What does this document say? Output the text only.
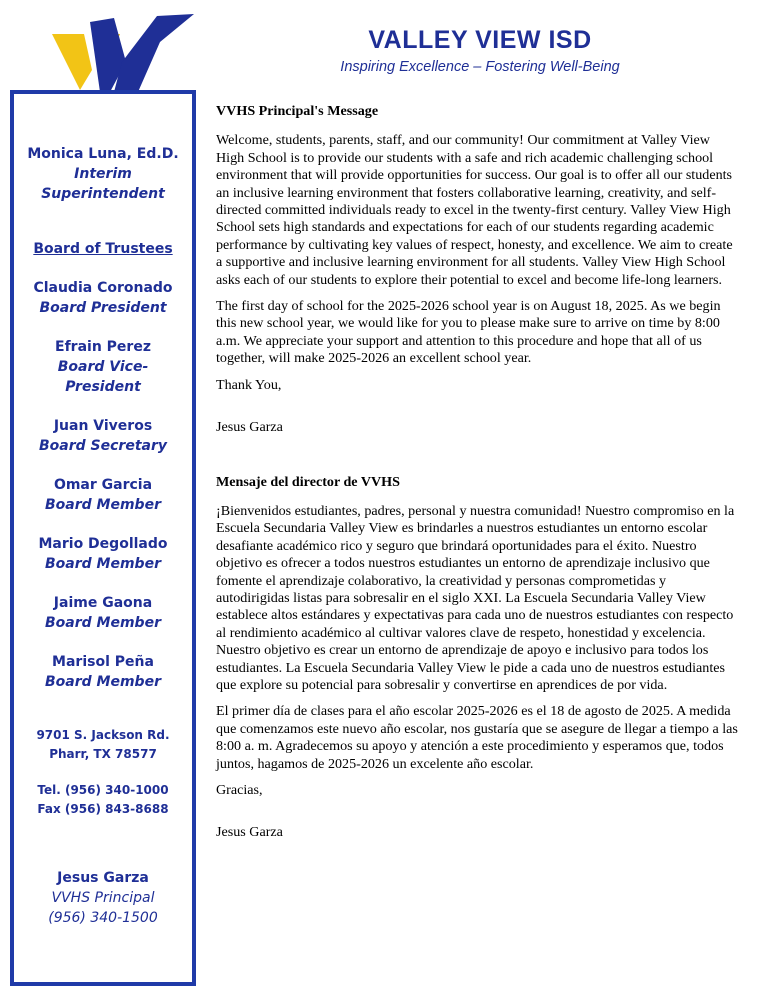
VALLEY VIEW ISD
Inspiring Excellence – Fostering Well-Being
Monica Luna, Ed.D.
Interim
Superintendent
Board of Trustees
Claudia Coronado
Board President
Efrain Perez
Board Vice-
President
Juan Viveros
Board Secretary
Omar Garcia
Board Member
Mario Degollado
Board Member
Jaime Gaona
Board Member
Marisol Peña
Board Member
9701 S. Jackson Rd.
Pharr, TX 78577
Tel. (956) 340-1000
Fax (956) 843-8688
Jesus Garza
VVHS Principal
(956) 340-1500
VVHS Principal's Message

Welcome, students, parents, staff, and our community! Our commitment at Valley View High School is to provide our students with a safe and rich academic challenging school environment that will provide opportunities for success. Our goal is to offer all our students an inclusive learning environment that fosters collaborative learning, creativity, and self-directed committed individuals ready to excel in the twenty-first century. Valley View High School sets high standards and expectations for each of our students regarding academic performance by cultivating key values of respect, honesty, and excellence. We aim to create a supportive and inclusive learning environment for all students. Valley View High School asks each of our students to explore their potential to excel and become life-long learners.

The first day of school for the 2025-2026 school year is on August 18, 2025. As we begin this new school year, we would like for you to please make sure to arrive on time by 8:00 a.m. We appreciate your support and attention to this procedure and hope that all of us together, will make 2025-2026 an excellent school year.

Thank You,

Jesus Garza

Mensaje del director de VVHS

¡Bienvenidos estudiantes, padres, personal y nuestra comunidad! Nuestro compromiso en la Escuela Secundaria Valley View es brindarles a nuestros estudiantes un entorno escolar desafiante académico rico y seguro que brindará oportunidades para el éxito. Nuestro objetivo es ofrecer a todos nuestros estudiantes un entorno de aprendizaje inclusivo que fomente el aprendizaje colaborativo, la creatividad y personas comprometidas y autodirigidas listas para sobresalir en el siglo XXI. La Escuela Secundaria Valley View establece altos estándares y expectativas para cada uno de nuestros estudiantes con respecto al rendimiento académico al cultivar valores clave de respeto, honestidad y excelencia. Nuestro objetivo es crear un entorno de aprendizaje de apoyo e inclusivo para todos los estudiantes. La Escuela Secundaria Valley View le pide a cada uno de nuestros estudiantes que explore su potencial para sobresalir y convertirse en aprendices de por vida.

El primer día de clases para el año escolar 2025-2026 es el 18 de agosto de 2025. A medida que comenzamos este nuevo año escolar, nos gustaría que se asegure de llegar a tiempo a las 8:00 a. m. Agradecemos su apoyo y atención a este procedimiento y esperamos que, todos juntos, hagamos de 2025-2026 un excelente año escolar.

Gracias,

Jesus Garza
